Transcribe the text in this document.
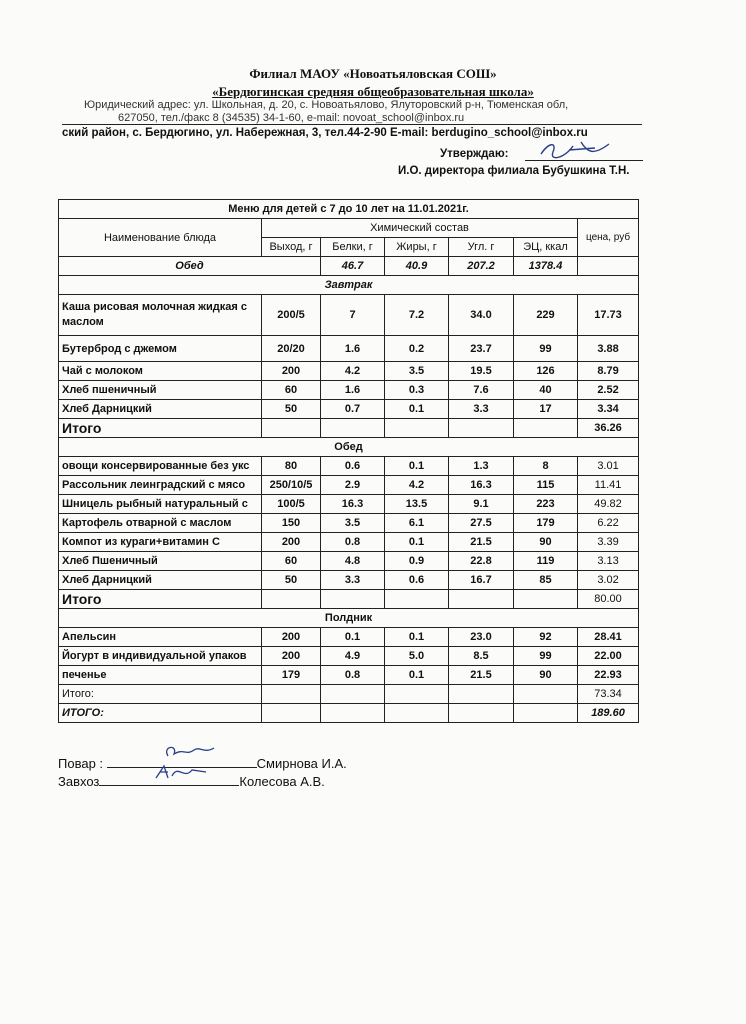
Филиал МАОУ «Новоатьяловская СОШ»
«Бердюгинская средняя общеобразовательная школа»
Юридический адрес: ул. Школьная, д. 20, с. Новоатьялово, Ялуторовский р-н, Тюменская обл,
627050, тел./факс 8 (34535) 34-1-60, e-mail: novoat_school@inbox.ru
ский район, с. Бердюгино, ул. Набережная, 3, тел.44-2-90 E-mail: berdugino_school@inbox.ru
Утверждаю:
И.О. директора филиала Бубушкина Т.Н.
Меню для детей с 7 до 10 лет на 11.01.2021г.						
Наименование блюда	Химический состав					цена, руб
	Выход, г	Белки, г	Жиры, г	Угл. г	ЭЦ, ккал	
Обед		46.7	40.9	207.2	1378.4	
Завтрак						
Каша рисовая молочная жидкая с маслом	200/5	7	7.2	34.0	229	17.73
Бутерброд с джемом	20/20	1.6	0.2	23.7	99	3.88
Чай с молоком	200	4.2	3.5	19.5	126	8.79
Хлеб пшеничный	60	1.6	0.3	7.6	40	2.52
Хлеб Дарницкий	50	0.7	0.1	3.3	17	3.34
Итого						36.26
Обед						
овощи консервированные без укс	80	0.6	0.1	1.3	8	3.01
Рассольник леинградский с мясо	250/10/5	2.9	4.2	16.3	115	11.41
Шницель рыбный натуральный с	100/5	16.3	13.5	9.1	223	49.82
Картофель отварной с маслом	150	3.5	6.1	27.5	179	6.22
Компот из кураги+витамин С	200	0.8	0.1	21.5	90	3.39
Хлеб Пшеничный	60	4.8	0.9	22.8	119	3.13
Хлеб Дарницкий	50	3.3	0.6	16.7	85	3.02
Итого						80.00
Полдник						
Апельсин	200	0.1	0.1	23.0	92	28.41
Йогурт в индивидуальной упаков	200	4.9	5.0	8.5	99	22.00
печенье	179	0.8	0.1	21.5	90	22.93
Итого:						73.34
ИТОГО:						189.60
Повар :	Смирнова И.А.
Завхоз	Колесова А.В.
